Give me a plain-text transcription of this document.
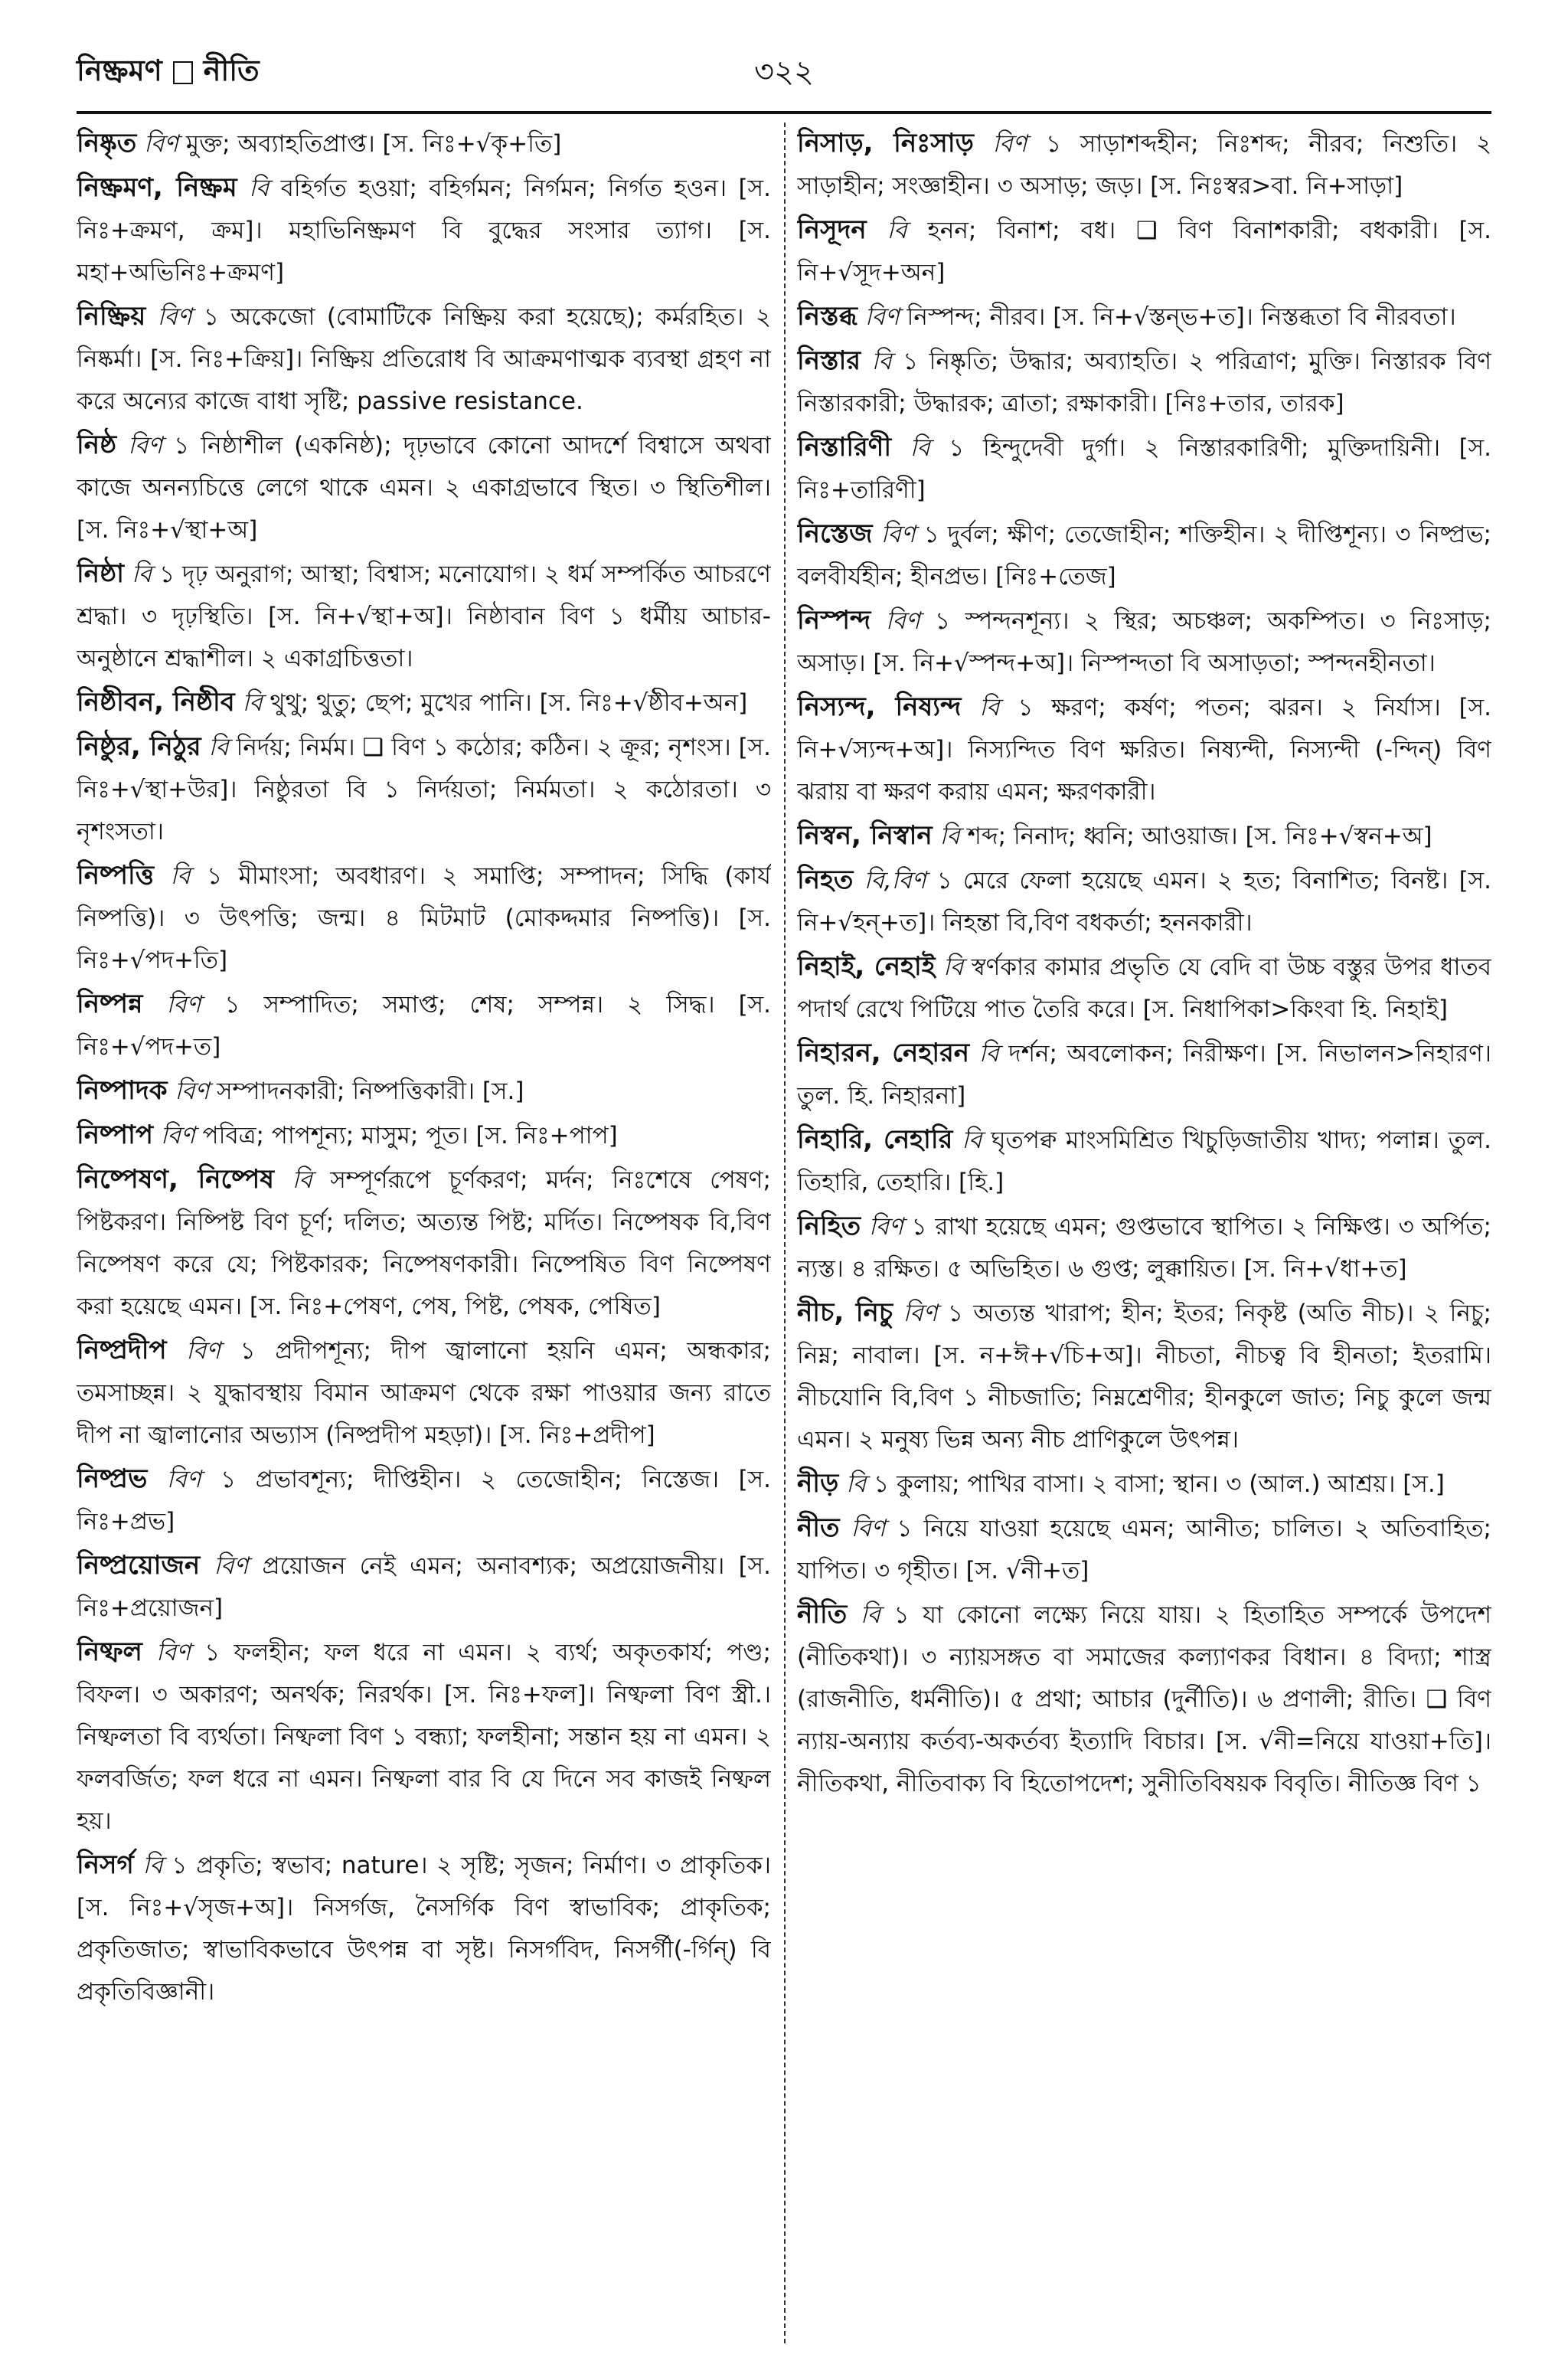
নিষ্ক্রমণ নীতি	৩২২

নিষ্কৃত বিণ মুক্ত; অব্যাহতিপ্রাপ্ত। [স. নিঃ+√কৃ+তি]

নিষ্ক্রমণ, নিষ্ক্রম বি বহির্গত হওয়া; বহির্গমন; নির্গমন; নির্গত হওন। [স. নিঃ+ক্রমণ, ক্রম]। মহাভিনিষ্ক্রমণ বি বুদ্ধের সংসার ত্যাগ। [স. মহা+অভিনিঃ+ক্রমণ]

নিষ্ক্রিয় বিণ ১ অকেজো (বোমাটিকে নিষ্ক্রিয় করা হয়েছে); কর্মরহিত। ২ নিষ্কর্মা। [স. নিঃ+ক্রিয়]। নিষ্ক্রিয় প্রতিরোধ বি আক্রমণাত্মক ব্যবস্থা গ্রহণ না করে অন্যের কাজে বাধা সৃষ্টি; passive resistance.

নিষ্ঠ বিণ ১ নিষ্ঠাশীল (একনিষ্ঠ); দৃঢ়ভাবে কোনো আদর্শে বিশ্বাসে অথবা কাজে অনন্যচিত্তে লেগে থাকে এমন। ২ একাগ্রভাবে স্থিত। ৩ স্থিতিশীল। [স. নিঃ+√স্থা+অ]

নিষ্ঠা বি ১ দৃঢ় অনুরাগ; আস্থা; বিশ্বাস; মনোযোগ। ২ ধর্ম সম্পর্কিত আচরণে শ্রদ্ধা। ৩ দৃঢ়স্থিতি। [স. নি+√স্থা+অ]। নিষ্ঠাবান বিণ ১ ধর্মীয় আচার-অনুষ্ঠানে শ্রদ্ধাশীল। ২ একাগ্রচিত্ততা।

নিষ্ঠীবন, নিষ্ঠীব বি থুথু; থুতু; ছেপ; মুখের পানি। [স. নিঃ+√ষ্ঠীব+অন]

নিষ্ঠুর, নিঠুর বি নির্দয়; নির্মম। ❑ বিণ ১ কঠোর; কঠিন। ২ ক্রূর; নৃশংস। [স. নিঃ+√স্থা+উর]। নিষ্ঠুরতা বি ১ নির্দয়তা; নির্মমতা। ২ কঠোরতা। ৩ নৃশংসতা।

নিষ্পত্তি বি ১ মীমাংসা; অবধারণ। ২ সমাপ্তি; সম্পাদন; সিদ্ধি (কার্য নিষ্পত্তি)। ৩ উৎপত্তি; জন্ম। ৪ মিটমাট (মোকদ্দমার নিষ্পত্তি)। [স. নিঃ+√পদ+তি]

নিষ্পন্ন বিণ ১ সম্পাদিত; সমাপ্ত; শেষ; সম্পন্ন। ২ সিদ্ধ। [স. নিঃ+√পদ+ত]

নিষ্পাদক বিণ সম্পাদনকারী; নিষ্পত্তিকারী। [স.]

নিষ্পাপ বিণ পবিত্র; পাপশূন্য; মাসুম; পূত। [স. নিঃ+পাপ]

নিষ্পেষণ, নিষ্পেষ বি সম্পূর্ণরূপে চূর্ণকরণ; মর্দন; নিঃশেষে পেষণ; পিষ্টকরণ। নিষ্পিষ্ট বিণ চূর্ণ; দলিত; অত্যন্ত পিষ্ট; মর্দিত। নিষ্পেষক বি,বিণ নিষ্পেষণ করে যে; পিষ্টকারক; নিষ্পেষণকারী। নিষ্পেষিত বিণ নিষ্পেষণ করা হয়েছে এমন। [স. নিঃ+পেষণ, পেষ, পিষ্ট, পেষক, পেষিত]

নিষ্প্রদীপ বিণ ১ প্রদীপশূন্য; দীপ জ্বালানো হয়নি এমন; অন্ধকার; তমসাচ্ছন্ন। ২ যুদ্ধাবস্থায় বিমান আক্রমণ থেকে রক্ষা পাওয়ার জন্য রাতে দীপ না জ্বালানোর অভ্যাস (নিষ্প্রদীপ মহড়া)। [স. নিঃ+প্রদীপ]

নিষ্প্রভ বিণ ১ প্রভাবশূন্য; দীপ্তিহীন। ২ তেজোহীন; নিস্তেজ। [স. নিঃ+প্রভ]

নিষ্প্রয়োজন বিণ প্রয়োজন নেই এমন; অনাবশ্যক; অপ্রয়োজনীয়। [স. নিঃ+প্রয়োজন]

নিষ্ফল বিণ ১ ফলহীন; ফল ধরে না এমন। ২ ব্যর্থ; অকৃতকার্য; পণ্ড; বিফল। ৩ অকারণ; অনর্থক; নিরর্থক। [স. নিঃ+ফল]। নিষ্ফলা বিণ স্ত্রী.। নিষ্ফলতা বি ব্যর্থতা। নিষ্ফলা বিণ ১ বন্ধ্যা; ফলহীনা; সন্তান হয় না এমন। ২ ফলবর্জিত; ফল ধরে না এমন। নিষ্ফলা বার বি যে দিনে সব কাজই নিষ্ফল হয়।

নিসর্গ বি ১ প্রকৃতি; স্বভাব; nature। ২ সৃষ্টি; সৃজন; নির্মাণ। ৩ প্রাকৃতিক। [স. নিঃ+√সৃজ+অ]। নিসর্গজ, নৈসর্গিক বিণ স্বাভাবিক; প্রাকৃতিক; প্রকৃতিজাত; স্বাভাবিকভাবে উৎপন্ন বা সৃষ্ট। নিসর্গবিদ, নিসর্গী(-র্গিন্) বি প্রকৃতিবিজ্ঞানী।

নিসাড়, নিঃসাড় বিণ ১ সাড়াশব্দহীন; নিঃশব্দ; নীরব; নিশুতি। ২ সাড়াহীন; সংজ্ঞাহীন। ৩ অসাড়; জড়। [স. নিঃস্বর>বা. নি+সাড়া]

নিসূদন বি হনন; বিনাশ; বধ। ❑ বিণ বিনাশকারী; বধকারী। [স. নি+√সূদ+অন]

নিস্তব্ধ বিণ নিস্পন্দ; নীরব। [স. নি+√স্তন্‌ভ+ত]। নিস্তব্ধতা বি নীরবতা।

নিস্তার বি ১ নিষ্কৃতি; উদ্ধার; অব্যাহতি। ২ পরিত্রাণ; মুক্তি। নিস্তারক বিণ নিস্তারকারী; উদ্ধারক; ত্রাতা; রক্ষাকারী। [নিঃ+তার, তারক]

নিস্তারিণী বি ১ হিন্দুদেবী দুর্গা। ২ নিস্তারকারিণী; মুক্তিদায়িনী। [স. নিঃ+তারিণী]

নিস্তেজ বিণ ১ দুর্বল; ক্ষীণ; তেজোহীন; শক্তিহীন। ২ দীপ্তিশূন্য। ৩ নিষ্প্রভ; বলবীর্যহীন; হীনপ্রভ। [নিঃ+তেজ]

নিস্পন্দ বিণ ১ স্পন্দনশূন্য। ২ স্থির; অচঞ্চল; অকম্পিত। ৩ নিঃসাড়; অসাড়। [স. নি+√স্পন্দ+অ]। নিস্পন্দতা বি অসাড়তা; স্পন্দনহীনতা।

নিস্যন্দ, নিষ্যন্দ বি ১ ক্ষরণ; কর্ষণ; পতন; ঝরন। ২ নির্যাস। [স. নি+√স্যন্দ+অ]। নিস্যন্দিত বিণ ক্ষরিত। নিষ্যন্দী, নিস্যন্দী (-ন্দিন্) বিণ ঝরায় বা ক্ষরণ করায় এমন; ক্ষরণকারী।

নিস্বন, নিস্বান বি শব্দ; নিনাদ; ধ্বনি; আওয়াজ। [স. নিঃ+√স্বন+অ]

নিহত বি,বিণ ১ মেরে ফেলা হয়েছে এমন। ২ হত; বিনাশিত; বিনষ্ট। [স. নি+√হন্‌+ত]। নিহন্তা বি,বিণ বধকর্তা; হননকারী।

নিহাই, নেহাই বি স্বর্ণকার কামার প্রভৃতি যে বেদি বা উচ্চ বস্তুর উপর ধাতব পদার্থ রেখে পিটিয়ে পাত তৈরি করে। [স. নিধাপিকা>কিংবা হি. নিহাই]

নিহারন, নেহারন বি দর্শন; অবলোকন; নিরীক্ষণ। [স. নিভালন>নিহারণ। তুল. হি. নিহারনা]

নিহারি, নেহারি বি ঘৃতপক্ব মাংসমিশ্রিত খিচুড়িজাতীয় খাদ্য; পলান্ন। তুল. তিহারি, তেহারি। [হি.]

নিহিত বিণ ১ রাখা হয়েছে এমন; গুপ্তভাবে স্থাপিত। ২ নিক্ষিপ্ত। ৩ অর্পিত; ন্যস্ত। ৪ রক্ষিত। ৫ অভিহিত। ৬ গুপ্ত; লুক্কায়িত। [স. নি+√ধা+ত]

নীচ, নিচু বিণ ১ অত্যন্ত খারাপ; হীন; ইতর; নিকৃষ্ট (অতি নীচ)। ২ নিচু; নিম্ন; নাবাল। [স. ন+ঈ+√চি+অ]। নীচতা, নীচত্ব বি হীনতা; ইতরামি। নীচযোনি বি,বিণ ১ নীচজাতি; নিম্নশ্রেণীর; হীনকুলে জাত; নিচু কুলে জন্ম এমন। ২ মনুষ্য ভিন্ন অন্য নীচ প্রাণিকুলে উৎপন্ন।

নীড় বি ১ কুলায়; পাখির বাসা। ২ বাসা; স্থান। ৩ (আল.) আশ্রয়। [স.]

নীত বিণ ১ নিয়ে যাওয়া হয়েছে এমন; আনীত; চালিত। ২ অতিবাহিত; যাপিত। ৩ গৃহীত। [স. √নী+ত]

নীতি বি ১ যা কোনো লক্ষ্যে নিয়ে যায়। ২ হিতাহিত সম্পর্কে উপদেশ (নীতিকথা)। ৩ ন্যায়সঙ্গত বা সমাজের কল্যাণকর বিধান। ৪ বিদ্যা; শাস্ত্র (রাজনীতি, ধর্মনীতি)। ৫ প্রথা; আচার (দুর্নীতি)। ৬ প্রণালী; রীতি। ❑ বিণ ন্যায়-অন্যায় কর্তব্য-অকর্তব্য ইত্যাদি বিচার। [স. √নী=নিয়ে যাওয়া+তি]। নীতিকথা, নীতিবাক্য বি হিতোপদেশ; সুনীতিবিষয়ক বিবৃতি। নীতিজ্ঞ বিণ ১
